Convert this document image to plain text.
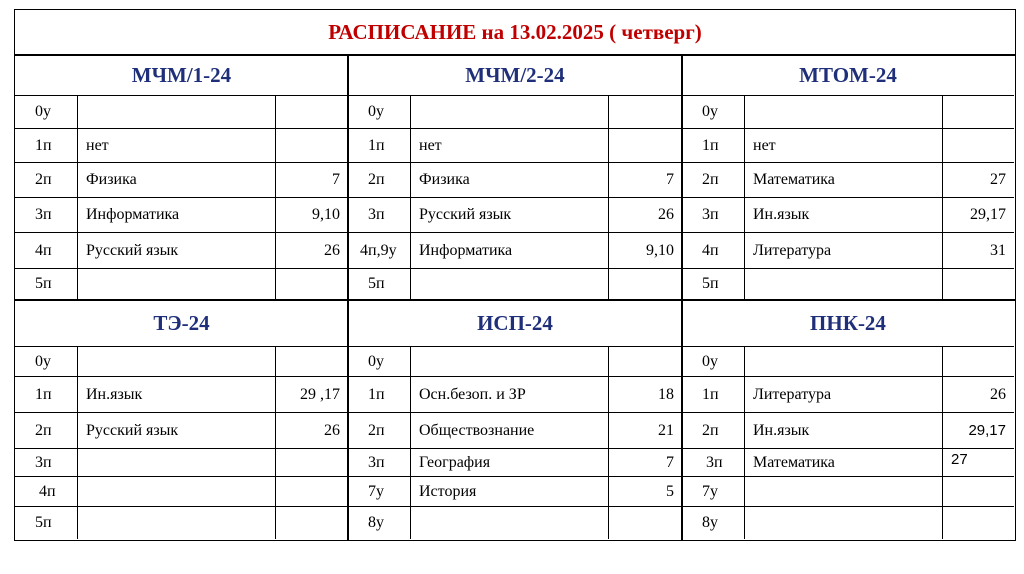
РАСПИСАНИЕ на 13.02.2025 ( четверг)
МЧМ/1-24
0у
1п	нет
2п	Физика	7
3п	Информатика	9,10
4п	Русский язык	26
5п
МЧМ/2-24
0у
1п	нет
2п	Физика	7
3п	Русский язык	26
4п,9у	Информатика	9,10
5п
МТОМ-24
0у
1п	нет
2п	Математика	27
3п	Ин.язык	29,17
4п	Литература	31
5п
ТЭ-24
0у
1п	Ин.язык	29 ,17
2п	Русский язык	26
3п
4п
5п
ИСП-24
0у
1п	Осн.безоп. и ЗР	18
2п	Обществознание	21
3п	География	7
7у	История	5
8у
ПНК-24
0у
1п	Литература	26
2п	Ин.язык	29,17
3п	Математика	27
7у
8у
